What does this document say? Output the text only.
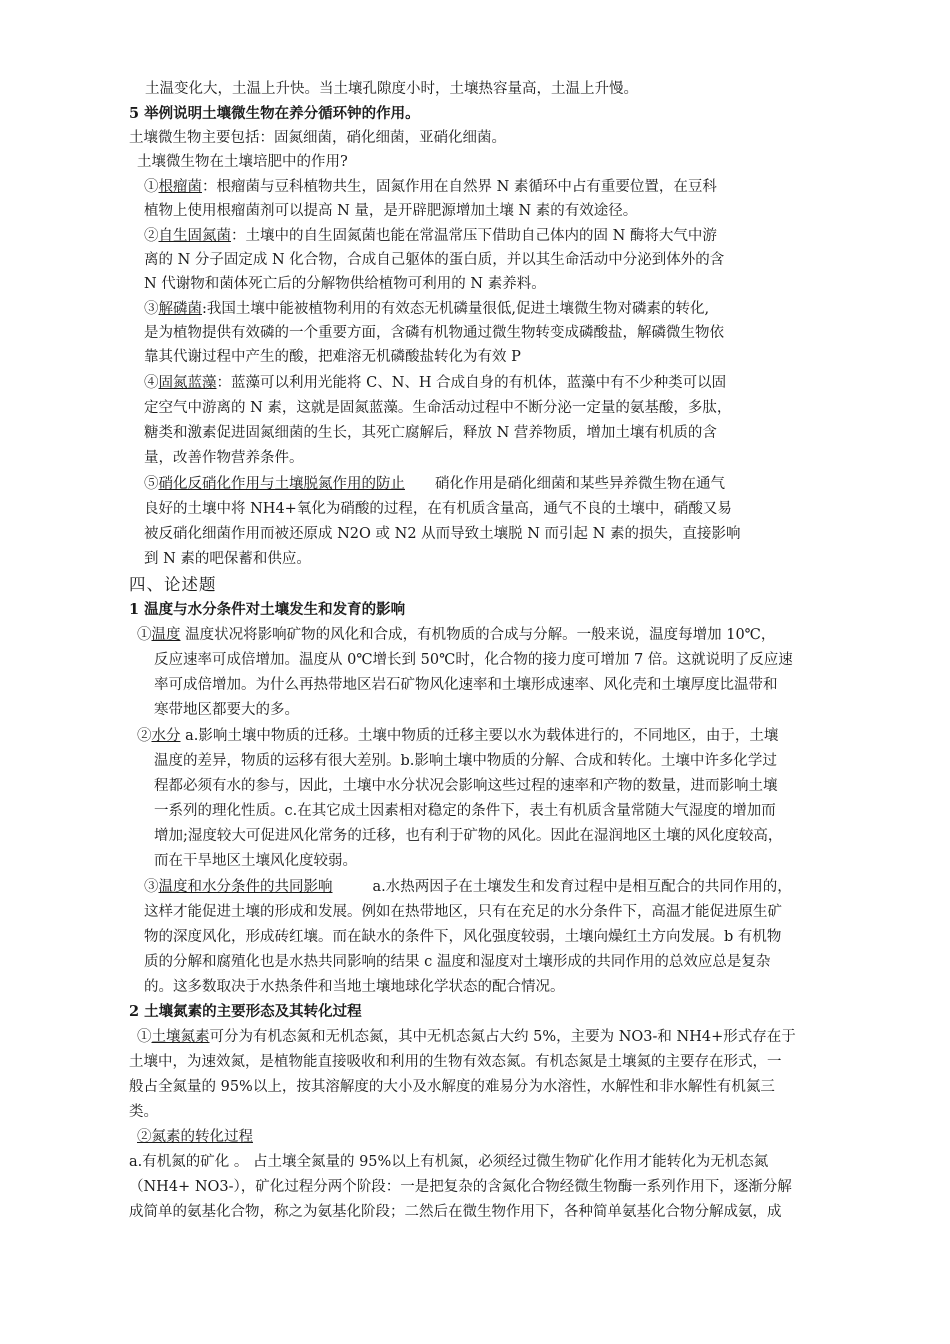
土温变化大，土温上升快。当土壤孔隙度小时，土壤热容量高，土温上升慢。
5 举例说明土壤微生物在养分循环钟的作用。
土壤微生物主要包括：固氮细菌，硝化细菌，亚硝化细菌。
土壤微生物在土壤培肥中的作用?
①根瘤菌：根瘤菌与豆科植物共生，固氮作用在自然界 N 素循环中占有重要位置，在豆科
植物上使用根瘤菌剂可以提高 N 量，是开辟肥源增加土壤 N 素的有效途径。
②自生固氮菌：土壤中的自生固氮菌也能在常温常压下借助自己体内的固 N 酶将大气中游
离的 N 分子固定成 N 化合物，合成自己躯体的蛋白质，并以其生命活动中分泌到体外的含
N 代谢物和菌体死亡后的分解物供给植物可利用的 N 素养料。
③解磷菌:我国土壤中能被植物利用的有效态无机磷量很低,促进土壤微生物对磷素的转化,
是为植物提供有效磷的一个重要方面，含磷有机物通过微生物转变成磷酸盐，解磷微生物依
靠其代谢过程中产生的酸，把难溶无机磷酸盐转化为有效 P
④固氮蓝藻：蓝藻可以利用光能将 C、N、H 合成自身的有机体，蓝藻中有不少种类可以固
定空气中游离的 N 素，这就是固氮蓝藻。生命活动过程中不断分泌一定量的氨基酸，多肽，
糖类和激素促进固氮细菌的生长，其死亡腐解后，释放 N 营养物质，增加土壤有机质的含
量，改善作物营养条件。
⑤硝化反硝化作用与土壤脱氮作用的防止 硝化作用是硝化细菌和某些异养微生物在通气
良好的土壤中将 NH4+氧化为硝酸的过程，在有机质含量高，通气不良的土壤中，硝酸又易
被反硝化细菌作用而被还原成 N2O 或 N2 从而导致土壤脱 N 而引起 N 素的损失，直接影响
到 N 素的吧保蓄和供应。
四、论述题
1 温度与水分条件对土壤发生和发育的影响
①温度 温度状况将影响矿物的风化和合成，有机物质的合成与分解。一般来说，温度每增加 10℃，
反应速率可成倍增加。温度从 0℃增长到 50℃时，化合物的接力度可增加 7 倍。这就说明了反应速
率可成倍增加。为什么再热带地区岩石矿物风化速率和土壤形成速率、风化壳和土壤厚度比温带和
寒带地区都要大的多。
②水分 a.影响土壤中物质的迁移。土壤中物质的迁移主要以水为载体进行的，不同地区，由于，土壤
温度的差异，物质的运移有很大差别。b.影响土壤中物质的分解、合成和转化。土壤中许多化学过
程都必须有水的参与，因此，土壤中水分状况会影响这些过程的速率和产物的数量，进而影响土壤
一系列的理化性质。c.在其它成土因素相对稳定的条件下，表土有机质含量常随大气湿度的增加而
增加;湿度较大可促进风化常务的迁移，也有利于矿物的风化。因此在湿润地区土壤的风化度较高，
而在干旱地区土壤风化度较弱。
③温度和水分条件的共同影响	a.水热两因子在土壤发生和发育过程中是相互配合的共同作用的，
这样才能促进土壤的形成和发展。例如在热带地区，只有在充足的水分条件下，高温才能促进原生矿
物的深度风化，形成砖红壤。而在缺水的条件下，风化强度较弱，土壤向燥红土方向发展。b 有机物
质的分解和腐殖化也是水热共同影响的结果 c 温度和湿度对土壤形成的共同作用的总效应总是复杂
的。这多数取决于水热条件和当地土壤地球化学状态的配合情况。
2 土壤氮素的主要形态及其转化过程
①土壤氮素可分为有机态氮和无机态氮，其中无机态氮占大约 5%，主要为 NO3-和 NH4+形式存在于
土壤中，为速效氮，是植物能直接吸收和利用的生物有效态氮。有机态氮是土壤氮的主要存在形式，一
般占全氮量的 95%以上，按其溶解度的大小及水解度的难易分为水溶性，水解性和非水解性有机氮三
类。
②氮素的转化过程
a.有机氮的矿化 。 占土壤全氮量的 95%以上有机氮，必须经过微生物矿化作用才能转化为无机态氮
（NH4+ NO3-），矿化过程分两个阶段：一是把复杂的含氮化合物经微生物酶一系列作用下，逐渐分解
成简单的氨基化合物，称之为氨基化阶段；二然后在微生物作用下，各种简单氨基化合物分解成氨，成
